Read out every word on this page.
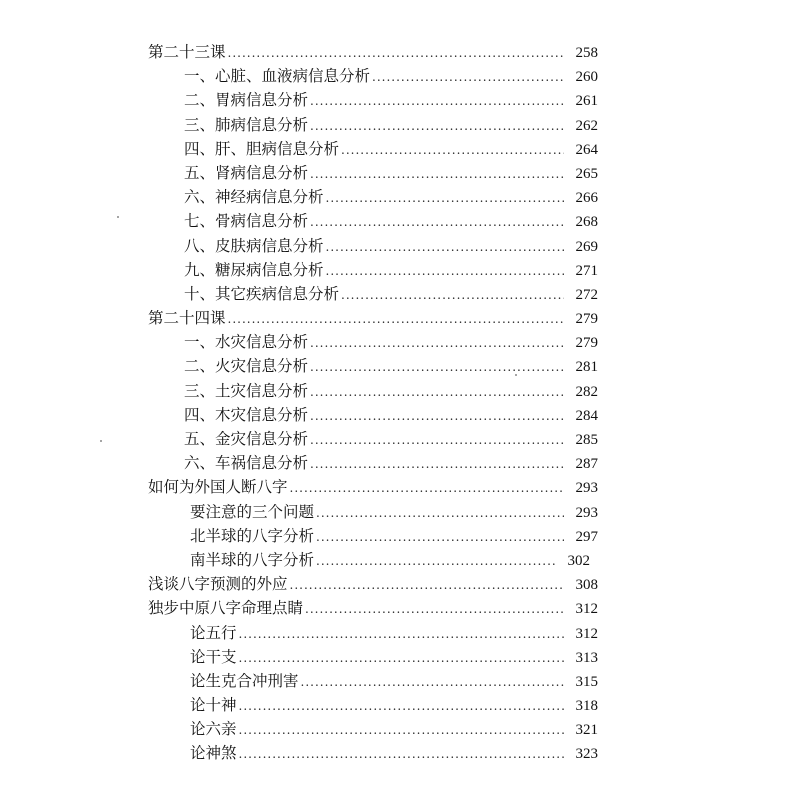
第二十三课 .....	258
一、心脏、血液病信息分析 .....	260
二、胃病信息分析 .....	261
三、肺病信息分析 .....	262
四、肝、胆病信息分析 .....	264
五、肾病信息分析 .....	265
六、神经病信息分析 .....	266
七、骨病信息分析 .....	268
八、皮肤病信息分析 .....	269
九、糖尿病信息分析 .....	271
十、其它疾病信息分析 .....	272
第二十四课 .....	279
一、水灾信息分析 .....	279
二、火灾信息分析 .....	281
三、土灾信息分析 .....	282
四、木灾信息分析 .....	284
五、金灾信息分析 .....	285
六、车祸信息分析 .....	287
如何为外国人断八字 .....	293
要注意的三个问题 .....	293
北半球的八字分析 .....	297
南半球的八字分析 .....	302
浅谈八字预测的外应 .....	308
独步中原八字命理点睛 .....	312
论五行 .....	312
论干支 .....	313
论生克合冲刑害 .....	315
论十神 .....	318
论六亲 .....	321
论神煞 .....	323
